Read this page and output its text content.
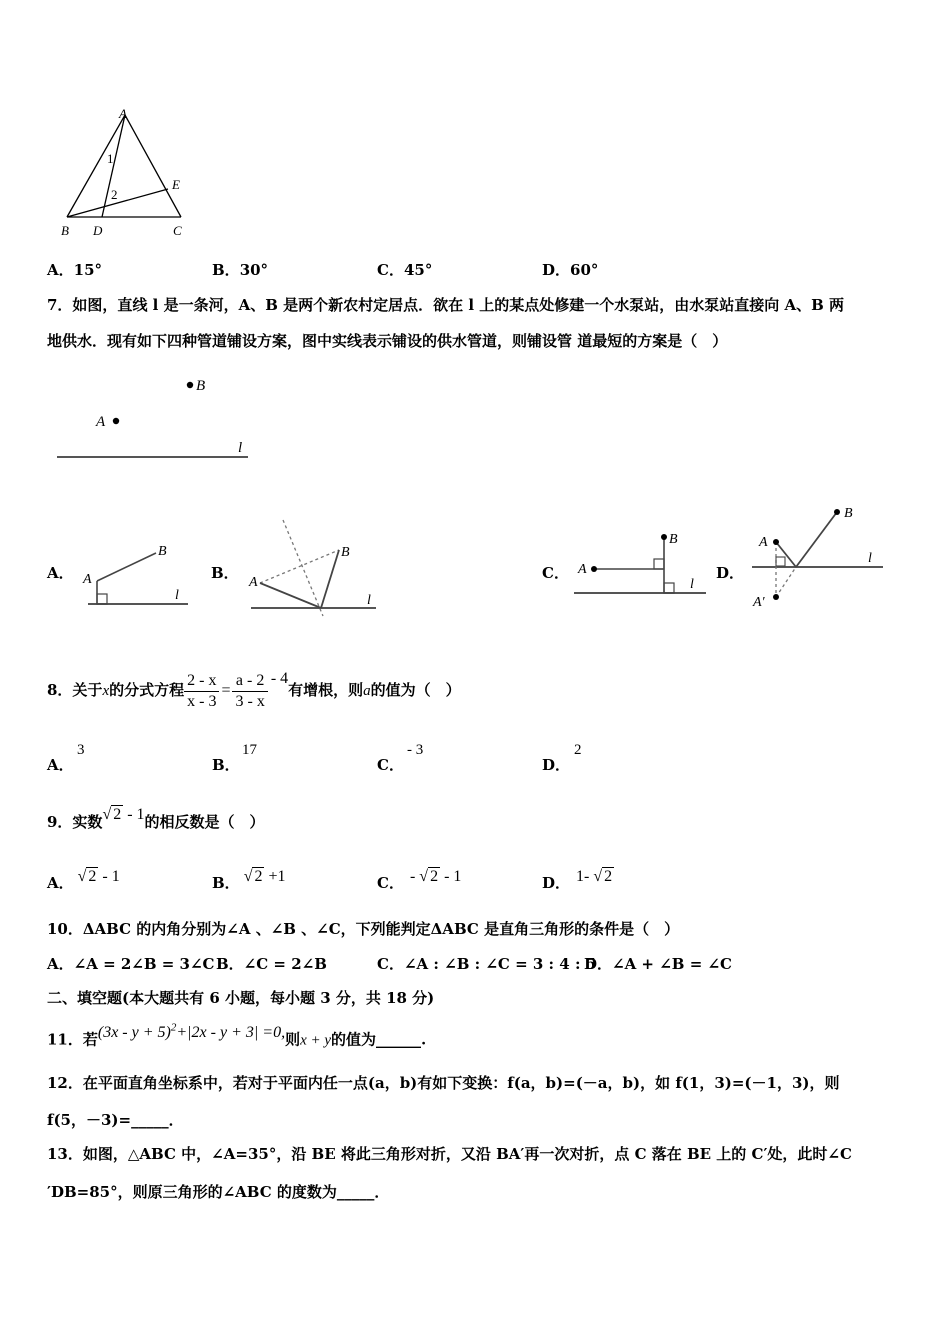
A
B D	C
E
1
2
A．15°	B．30°	C．45°	D．60°
7．如图，直线 l 是一条河，A、B 是两个新农村定居点．欲在 l 上的某点处修建一个水泵站，由水泵站直接向 A、B 两
地供水．现有如下四种管道铺设方案，图中实线表示铺设的供水管道，则铺设管 道最短的方案是（　）
B
A
l
A． A
B
l
B．
A
B
l
C． A
B
l
D．
A
B
l
A′
8．关于x的分式方程 $\frac{2 - x}{x - 3} = \frac{a - 2}{3 - x} - 4$有增根，则a的值为（　）
A．
3
B．
17
C．
- 3
D．
2
9．实数√ 2 - 1的相反数是（　）
A． √ 2 - 1	B． √ 2 +1	C． - √ 2 - 1	D． 1- √ 2
10．ΔABC 的内角分别为∠A 、∠B 、∠C，下列能判定ΔABC 是直角三角形的条件是（　）
A．∠A = 2∠B = 3∠C B．∠C = 2∠B	C．∠A : ∠B : ∠C = 3 : 4 : 5
D．∠A + ∠B = ∠C
二、填空题(本大题共有 6 小题，每小题 3 分，共 18 分)
11．若$(3x - y + 5)^2+|2x - y + 3| =0$,则x + y的值为______.
12．在平面直角坐标系中，若对于平面内任一点(a，b)有如下变换：f(a，b)=(－a，b)，如 f(1，3)=(－1，3)，则
f(5，－3)=_____．
13．如图，△ABC 中，∠A=35°，沿 BE 将此三角形对折，又沿 BA′再一次对折，点 C 落在 BE 上的 C′处，此时∠C
′DB=85°，则原三角形的∠ABC 的度数为_____．
